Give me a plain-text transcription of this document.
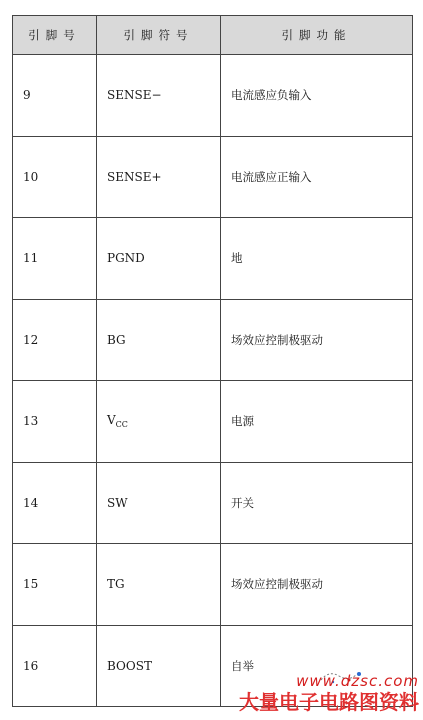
引脚号	引脚符号	引脚功能
9	SENSE−	电流感应负输入
10	SENSE+	电流感应正输入
11	PGND	地
12	BG	场效应控制极驱动
13	$V_{CC}$	电源
14	SW	开关
15	TG	场效应控制极驱动
16	BOOST	自举
www.dzsc.com
大量电子电路图资料
